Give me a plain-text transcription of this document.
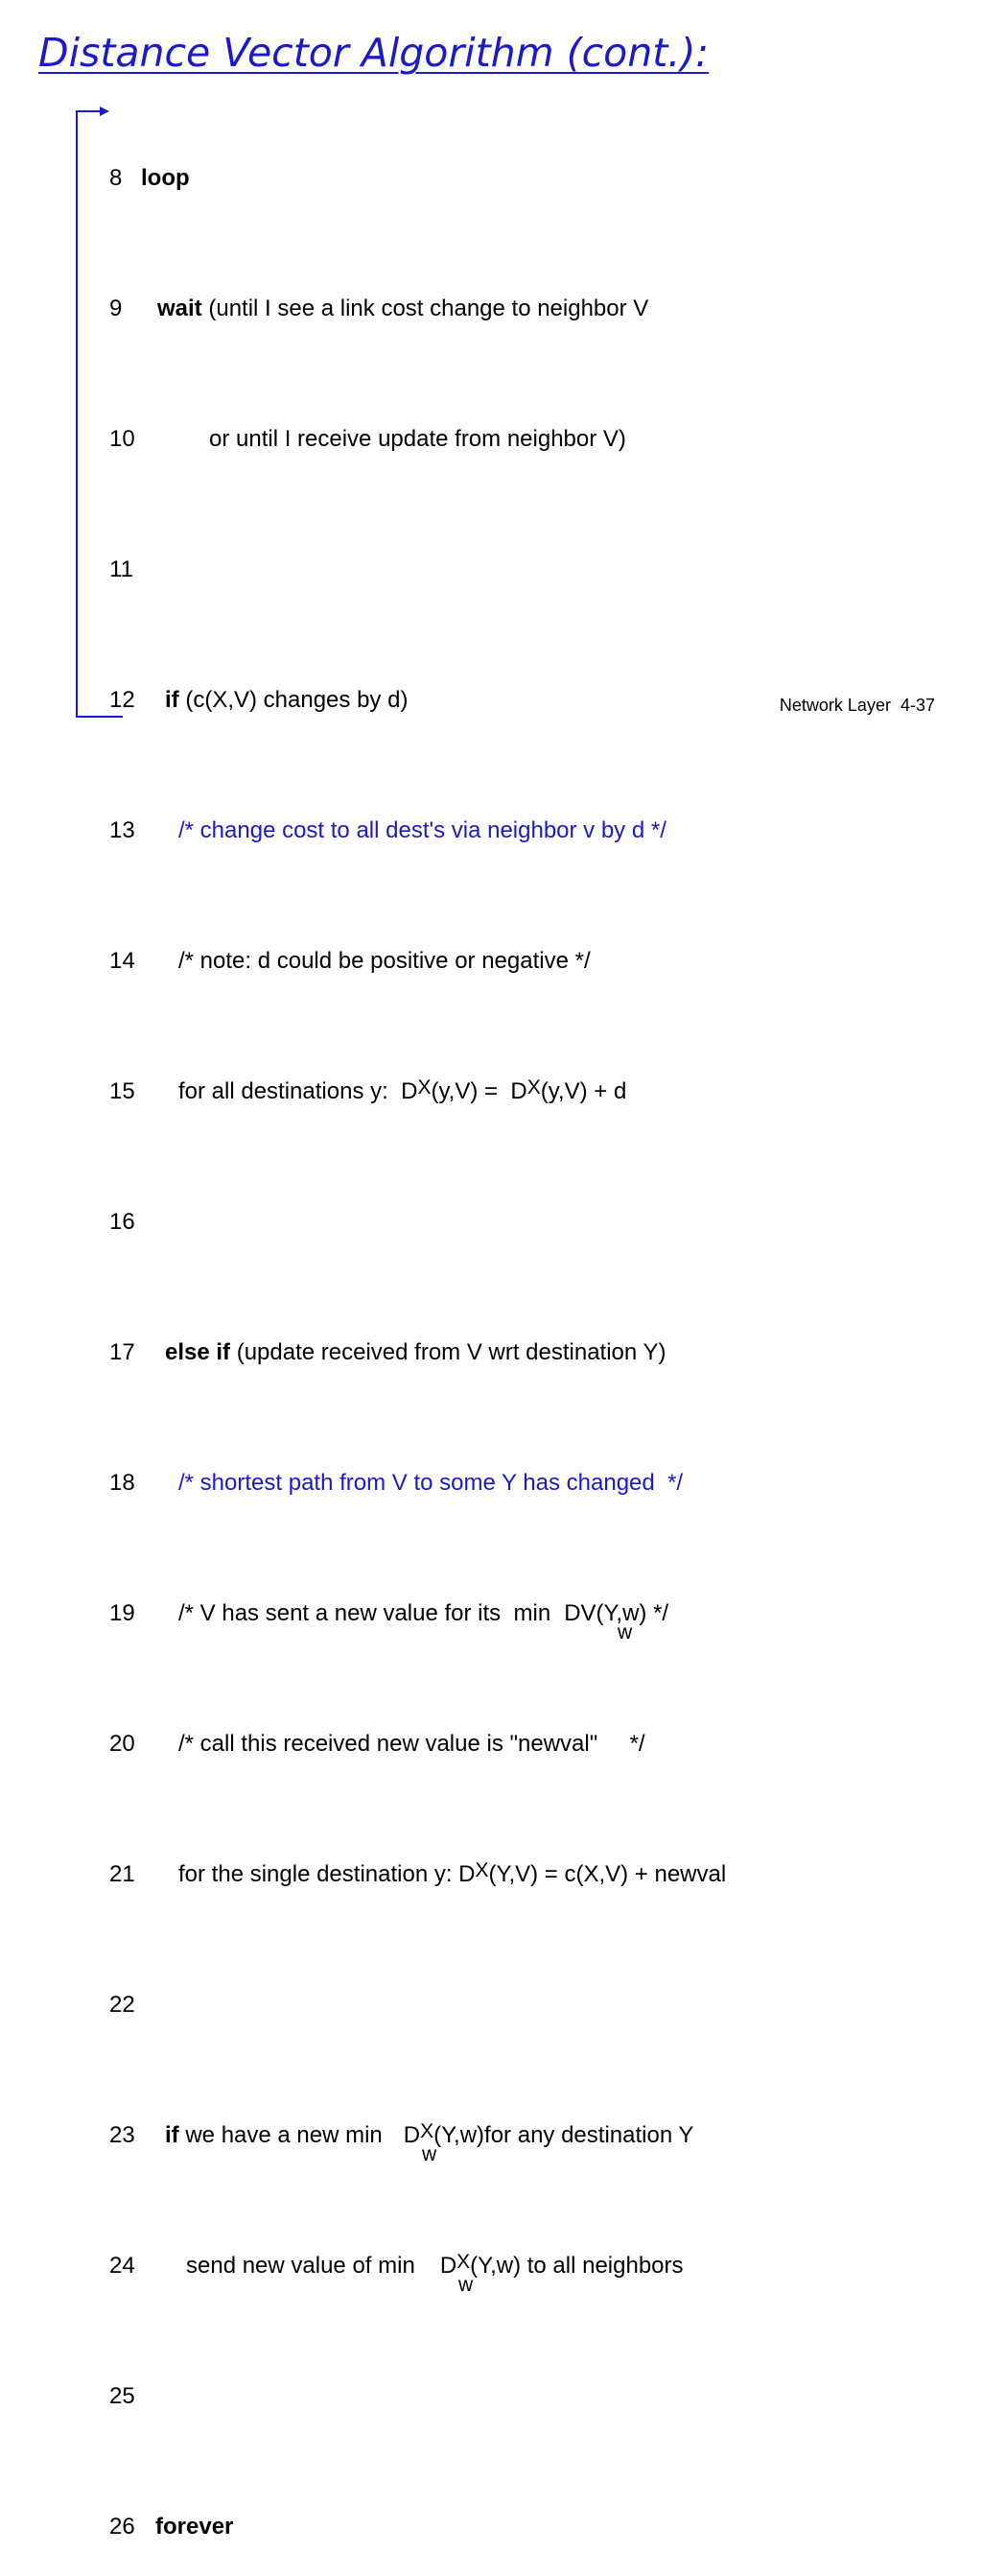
Distance Vector Algorithm (cont.):

8 loop

9 wait (until I see a link cost change to neighbor V

10	or until I receive update from neighbor V)

11

12 if (c(X,V) changes by d)

13 /* change cost to all dest's via neighbor v by d */

14 /* note: d could be positive or negative */

15 for all destinations y:  DX(y,V) =  DX(y,V) + d

16

17 else if (update received from V wrt destination Y)

18 /* shortest path from V to some Y has changed  */

19 /* V has sent a new value for its  min DV(Y,w) */
w

20 /* call this received new value is "newval"     */

21 for the single destination y: DX(Y,V) = c(X,V) + newval

22

23 if we have a new min DX(Y,w)for any destination Y
w

24 send new value of min DX(Y,w) to all neighbors
w

25

26 forever

Network Layer 4-37
